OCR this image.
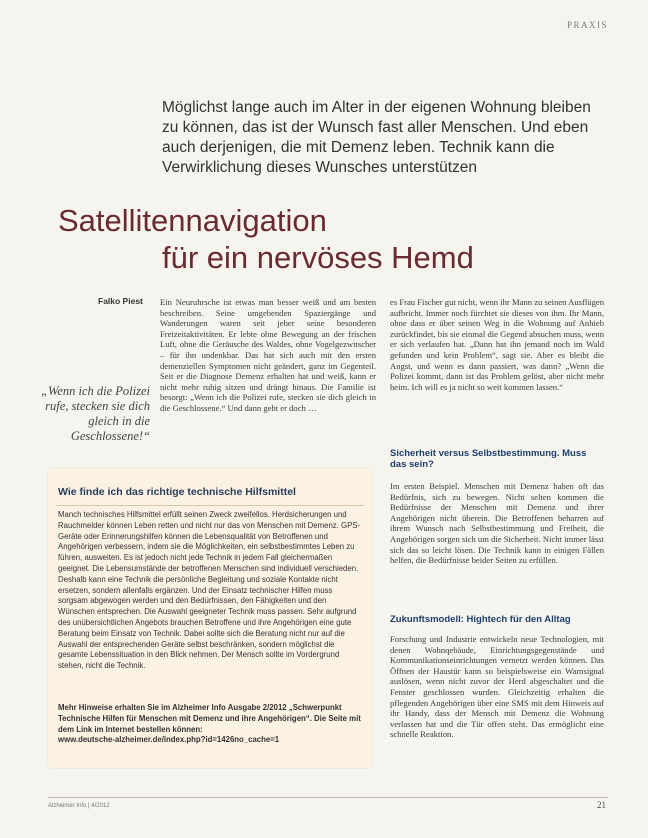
PRAXIS
Möglichst lange auch im Alter in der eigenen Wohnung bleiben zu können, das ist der Wunsch fast aller Menschen. Und eben auch derjenigen, die mit Demenz leben. Technik kann die Verwirklichung dieses Wunsches unterstützen
Satellitennavigation
für ein nervöses Hemd
Falko Piest
„Wenn ich die Polizei rufe, stecken sie dich gleich in die Geschlossene!“
Ein Neuruhrsche ist etwas man besser weiß und am besten beschreiben. Seine umgebenden Spaziergänge und Wanderungen waren seit jeher seine besonderen Freizeitaktivitäten. Er lebte ohne Bewegung an der frischen Luft, ohne die Geräusche des Waldes, ohne Vogelgezwitscher – für ihn undenkbar. Das hat sich auch mit den ersten demenziellen Symptomen nicht geändert, ganz im Gegenteil. Seit er die Diagnose Demenz erhalten hat und weiß, kann er nicht mehr ruhig sitzen und drängt hinaus. Die Familie ist besorgt: „Wenn ich die Polizei rufe, stecken sie dich gleich in die Geschlossene.“ Und dann geht er doch …
es Frau Fischer gut nicht, wenn ihr Mann zu seinen Ausflügen aufbricht. Immer noch fürchtet sie dieses von ihm. Ihr Mann, ohne dass er über seinen Weg in die Wohnung auf Anhieb zurückfindet, bis sie einmal die Gegend absuchen muss, wenn er sich verlaufen hat. „Dann hat ihn jemand noch im Wald gefunden und kein Problem“, sagt sie. Aber es bleibt die Angst, und wenn es dann passiert, was dann? „Wenn die Polizei kommt, dann ist das Problem gelöst, aber nicht mehr heim. Ich will es ja nicht so weit kommen lassen.“
Sicherheit versus Selbstbestimmung. Muss das sein?
Im ersten Beispiel. Menschen mit Demenz haben oft das Bedürfnis, sich zu bewegen. Nicht selten kommen die Bedürfnisse der Menschen mit Demenz und ihrer Angehörigen nicht überein. Die Betroffenen beharren auf ihrem Wunsch nach Selbstbestimmung und Freiheit, die Angehörigen sorgen sich um die Sicherheit. Nicht immer lässt sich das so leicht lösen. Die Technik kann in einigen Fällen helfen, die Bedürfnisse beider Seiten zu erfüllen.
Zukunftsmodell: Hightech für den Alltag
Forschung und Industrie entwickeln neue Technologien, mit denen Wohnqebäude, Einrichtungsgegenstände und Kommunikationseinrichtungen vernetzt werden können. Das Öffnen der Haustür kann so beispielsweise ein Warnsignal auslösen, wenn nicht zuvor der Herd abgeschaltet und die Fenster geschlossen wurden. Gleichzeitig erhalten die pflegenden Angehörigen über eine SMS mit dem Hinweis auf ihr Handy, dass der Mensch mit Demenz die Wohnung verlassen hat und die Tür offen steht. Das ermöglicht eine schnelle Reaktion.
Wie finde ich das richtige technische Hilfsmittel
Manch technisches Hilfsmittel erfüllt seinen Zweck zweifellos. Herdsicherungen und Rauchmelder können Leben retten und nicht nur das von Menschen mit Demenz. GPS-Geräte oder Erinnerungshilfen können die Lebensqualität von Betroffenen und Angehörigen verbessern, indem sie die Möglichkeiten, ein selbstbestimmtes Leben zu führen, ausweiten. Es ist jedoch nicht jede Technik in jedem Fall gleichermaßen geeignet. Die Lebensumstände der betroffenen Menschen sind individuell verschieden. Deshalb kann eine Technik die persönliche Begleitung und soziale Kontakte nicht ersetzen, sondern allenfalls ergänzen. Und der Einsatz technischer Hilfen muss sorgsam abgewogen werden und den Bedürfnissen, den Fähigkeiten und den Wünschen entsprechen. Die Auswahl geeigneter Technik muss passen. Sehr aufgrund des unübersichtlichen Angebots brauchen Betroffene und ihre Angehörigen eine gute Beratung beim Einsatz von Technik. Dabei sollte sich die Beratung nicht nur auf die Auswahl der entsprechenden Geräte selbst beschränken, sondern möglichst die gesamte Lebenssituation in den Blick nehmen. Der Mensch sollte im Vordergrund stehen, nicht die Technik.
Mehr Hinweise erhalten Sie im Alzheimer Info Ausgabe 2/2012 „Schwerpunkt Technische Hilfen für Menschen mit Demenz und ihre Angehörigen“. Die Seite mit dem Link im Internet bestellen können:
www.deutsche-alzheimer.de/index.php?id=1426no_cache=1
Alzheimer Info | 4/2012	21
